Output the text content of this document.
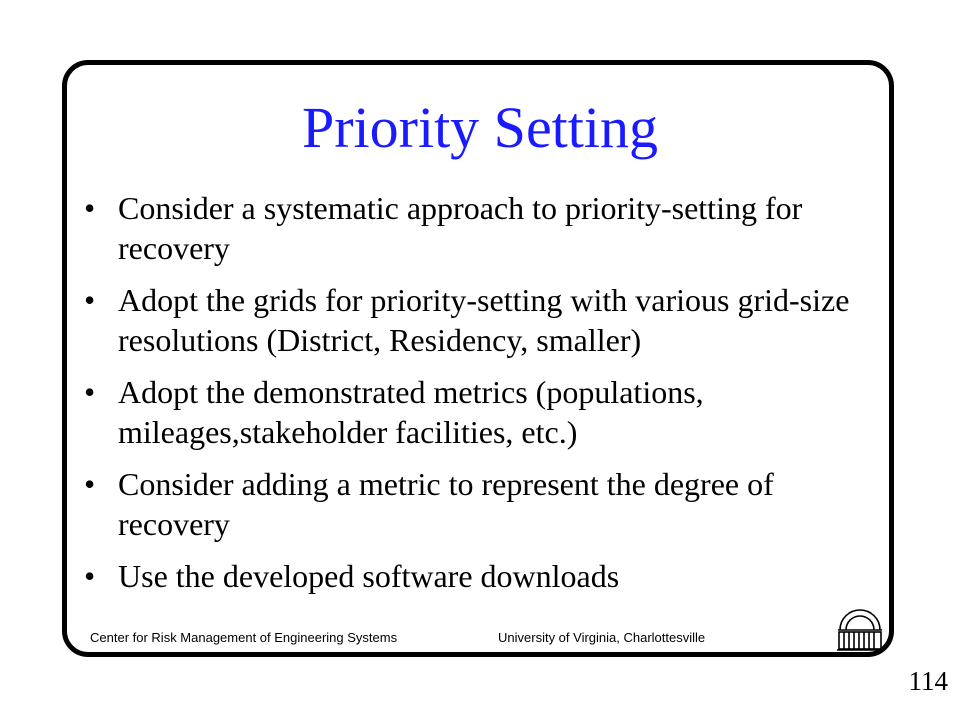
Priority Setting
• Consider a systematic approach to priority-setting for recovery
• Adopt the grids for priority-setting with various grid-size resolutions (District, Residency, smaller)
• Adopt the demonstrated metrics (populations, mileages,stakeholder facilities, etc.)
• Consider adding a metric to represent the degree of recovery
• Use the developed software downloads
Center for Risk Management of Engineering Systems	University of Virginia, Charlottesville
114
